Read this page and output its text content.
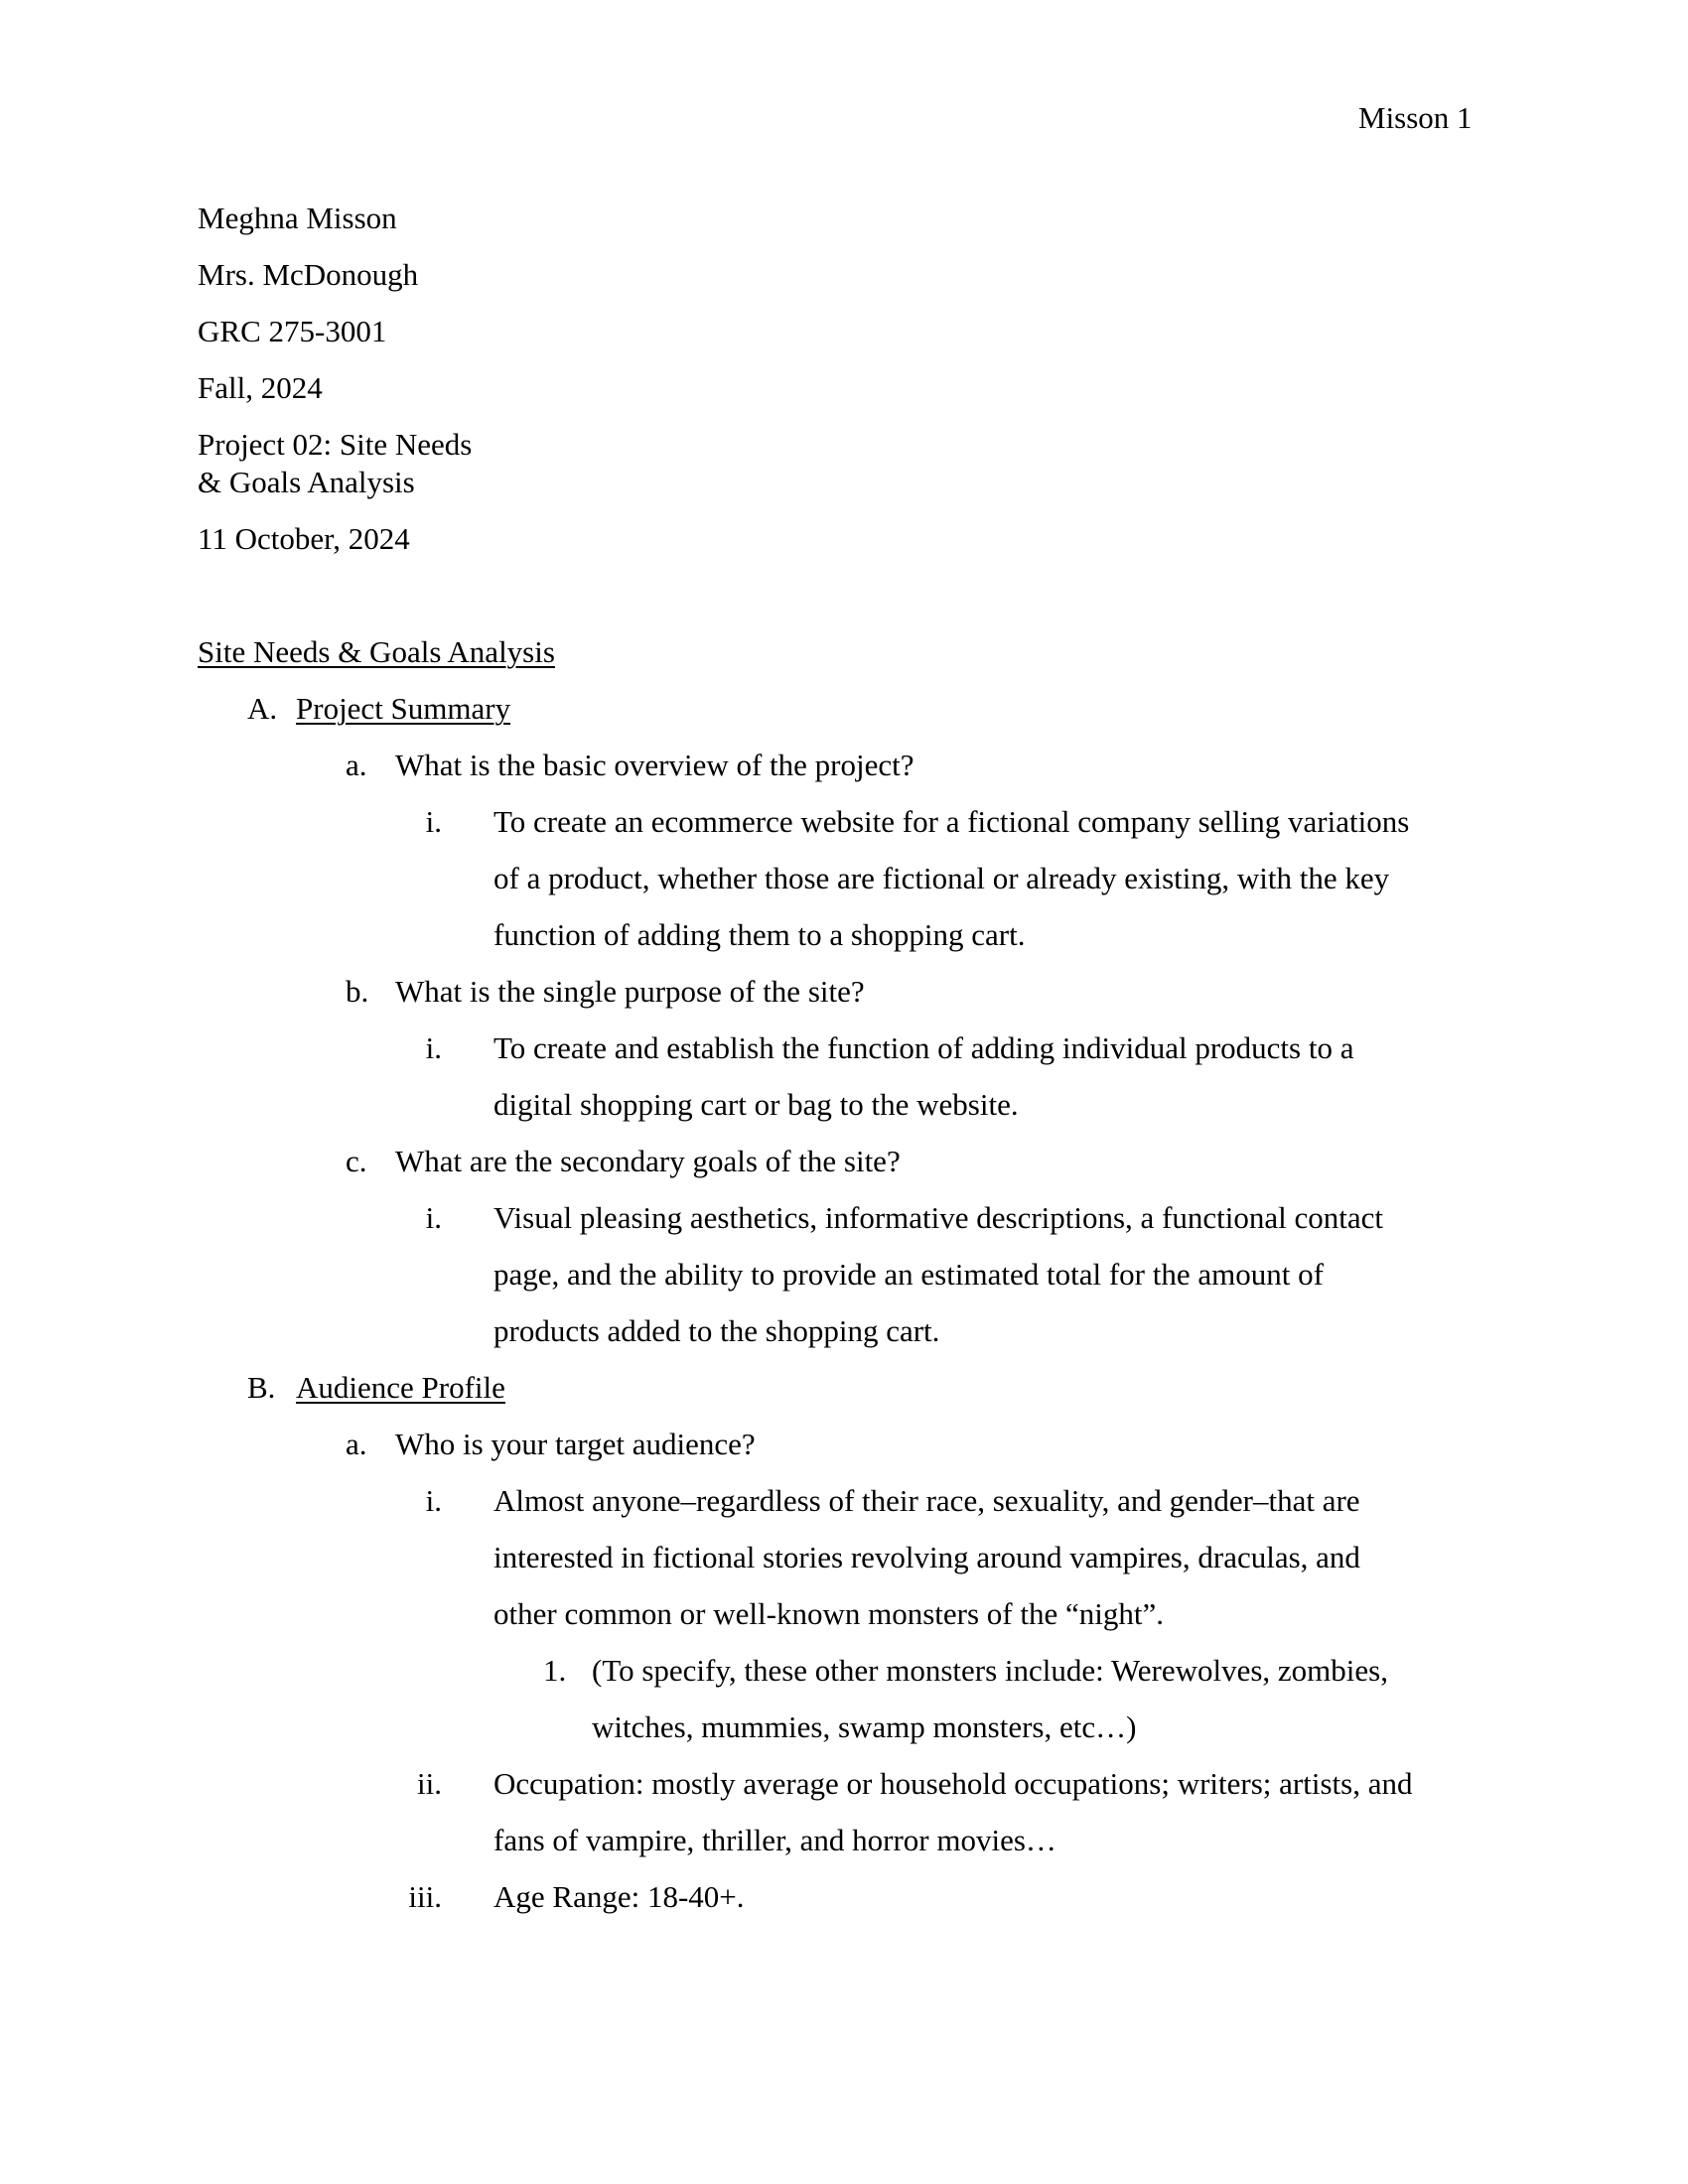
Misson 1
Meghna Misson
Mrs. McDonough
GRC 275-3001
Fall, 2024
Project 02: Site Needs
& Goals Analysis
11 October, 2024
Site Needs & Goals Analysis
A. Project Summary
a. What is the basic overview of the project?
i. To create an ecommerce website for a fictional company selling variations
of a product, whether those are fictional or already existing, with the key
function of adding them to a shopping cart.
b. What is the single purpose of the site?
i. To create and establish the function of adding individual products to a
digital shopping cart or bag to the website.
c. What are the secondary goals of the site?
i. Visual pleasing aesthetics, informative descriptions, a functional contact
page, and the ability to provide an estimated total for the amount of
products added to the shopping cart.
B. Audience Profile
a. Who is your target audience?
i. Almost anyone–regardless of their race, sexuality, and gender–that are
interested in fictional stories revolving around vampires, draculas, and
other common or well-known monsters of the “night”.
1. (To specify, these other monsters include: Werewolves, zombies,
witches, mummies, swamp monsters, etc…)
ii. Occupation: mostly average or household occupations; writers; artists, and
fans of vampire, thriller, and horror movies…
iii. Age Range: 18-40+.
